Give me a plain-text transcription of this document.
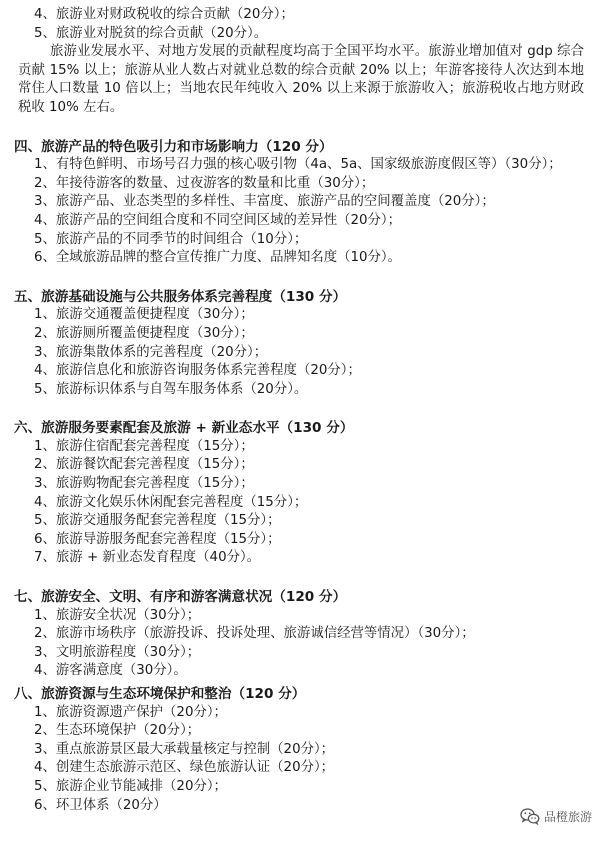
4、旅游业对财政税收的综合贡献（20分）；
5、旅游业对脱贫的综合贡献（20分）。
旅游业发展水平、对地方发展的贡献程度均高于全国平均水平。旅游业增加值对 gdp 综合贡献 15% 以上；旅游从业人数占对就业总数的综合贡献 20% 以上；年游客接待人次达到本地常住人口数量 10 倍以上；当地农民年纯收入 20% 以上来源于旅游收入；旅游税收占地方财政税收 10% 左右。
四、旅游产品的特色吸引力和市场影响力（120 分）
1、有特色鲜明、市场号召力强的核心吸引物（4a、5a、国家级旅游度假区等）（30分）；
2、年接待游客的数量、过夜游客的数量和比重（30分）；
3、旅游产品、业态类型的多样性、丰富度、旅游产品的空间覆盖度（20分）；
4、旅游产品的空间组合度和不同空间区域的差异性（20分）；
5、旅游产品的不同季节的时间组合（10分）；
6、全域旅游品牌的整合宣传推广力度、品牌知名度（10分）。
五、旅游基础设施与公共服务体系完善程度（130 分）
1、旅游交通覆盖便捷程度（30分）；
2、旅游厕所覆盖便捷程度（30分）；
3、旅游集散体系的完善程度（20分）；
4、旅游信息化和旅游咨询服务体系完善程度（20分）；
5、旅游标识体系与自驾车服务体系（20分）。
六、旅游服务要素配套及旅游 + 新业态水平（130 分）
1、旅游住宿配套完善程度（15分）；
2、旅游餐饮配套完善程度（15分）；
3、旅游购物配套完善程度（15分）；
4、旅游文化娱乐休闲配套完善程度（15分）；
5、旅游交通服务配套完善程度（15分）；
6、旅游导游服务配套完善程度（15分）；
7、旅游 + 新业态发育程度（40分）。
七、旅游安全、文明、有序和游客满意状况（120 分）
1、旅游安全状况（30分）；
2、旅游市场秩序（旅游投诉、投诉处理、旅游诚信经营等情况）（30分）；
3、文明旅游程度（30分）；
4、游客满意度（30分）。
八、旅游资源与生态环境保护和整治（120 分）
1、旅游资源遗产保护（20分）；
2、生态环境保护（20分）；
3、重点旅游景区最大承载量核定与控制（20分）；
4、创建生态旅游示范区、绿色旅游认证（20分）；
5、旅游企业节能减排（20分）；
6、环卫体系（20分）
品橙旅游
